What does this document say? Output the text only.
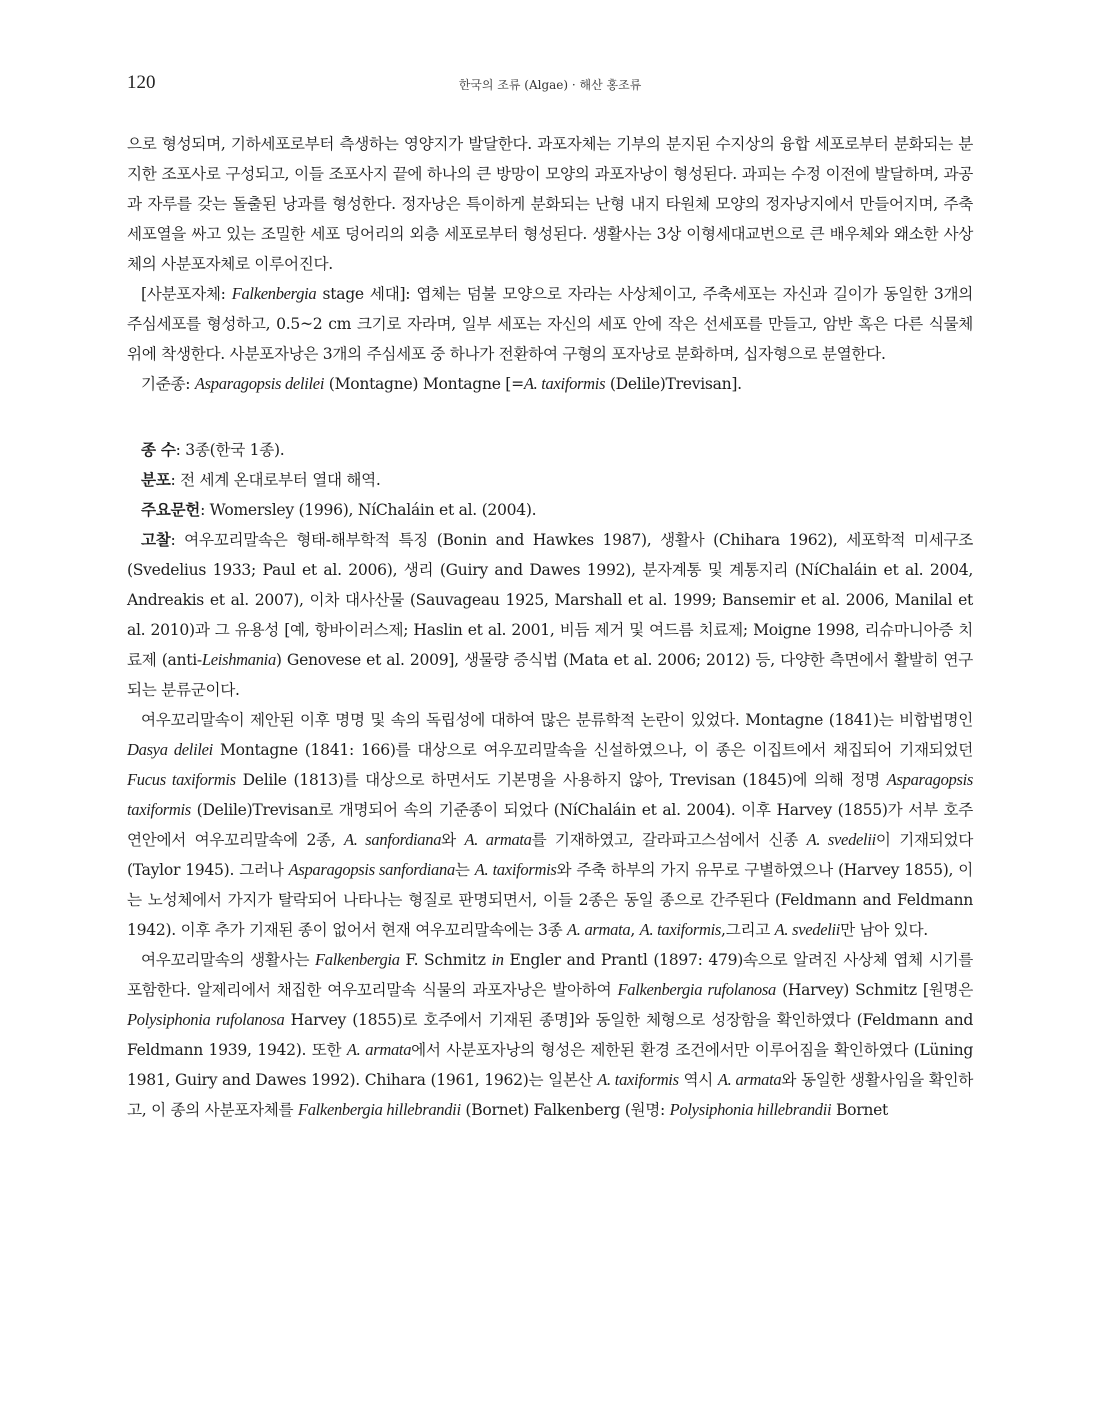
120	한국의 조류 (Algae) · 해산 홍조류

으로 형성되며, 기하세포로부터 측생하는 영양지가 발달한다. 과포자체는 기부의 분지된 수지상의 융합 세포로부터 분화되는 분지한 조포사로 구성되고, 이들 조포사지 끝에 하나의 큰 방망이 모양의 과포자낭이 형성된다. 과피는 수정 이전에 발달하며, 과공과 자루를 갖는 돌출된 낭과를 형성한다. 정자낭은 특이하게 분화되는 난형 내지 타원체 모양의 정자낭지에서 만들어지며, 주축세포열을 싸고 있는 조밀한 세포 덩어리의 외층 세포로부터 형성된다. 생활사는 3상 이형세대교번으로 큰 배우체와 왜소한 사상체의 사분포자체로 이루어진다.

[사분포자체: Falkenbergia stage 세대]: 엽체는 덤불 모양으로 자라는 사상체이고, 주축세포는 자신과 길이가 동일한 3개의 주심세포를 형성하고, 0.5~2 cm 크기로 자라며, 일부 세포는 자신의 세포 안에 작은 선세포를 만들고, 암반 혹은 다른 식물체 위에 착생한다. 사분포자낭은 3개의 주심세포 중 하나가 전환하여 구형의 포자낭로 분화하며, 십자형으로 분열한다.

기준종: Asparagopsis delilei (Montagne) Montagne [=A. taxiformis (Delile)Trevisan].

종 수: 3종(한국 1종).

분포: 전 세계 온대로부터 열대 해역.

주요문헌: Womersley (1996), NíChaláin et al. (2004).

고찰: 여우꼬리말속은 형태-해부학적 특징 (Bonin and Hawkes 1987), 생활사 (Chihara 1962), 세포학적 미세구조 (Svedelius 1933; Paul et al. 2006), 생리 (Guiry and Dawes 1992), 분자계통 및 계통지리 (NíChaláin et al. 2004, Andreakis et al. 2007), 이차 대사산물 (Sauvageau 1925, Marshall et al. 1999; Bansemir et al. 2006, Manilal et al. 2010)과 그 유용성 [예, 항바이러스제; Haslin et al. 2001, 비듬 제거 및 여드름 치료제; Moigne 1998, 리슈마니아증 치료제 (anti-Leishmania) Genovese et al. 2009], 생물량 증식법 (Mata et al. 2006; 2012) 등, 다양한 측면에서 활발히 연구되는 분류군이다.

여우꼬리말속이 제안된 이후 명명 및 속의 독립성에 대하여 많은 분류학적 논란이 있었다. Montagne (1841)는 비합법명인 Dasya delilei Montagne (1841: 166)를 대상으로 여우꼬리말속을 신설하였으나, 이 종은 이집트에서 채집되어 기재되었던 Fucus taxiformis Delile (1813)를 대상으로 하면서도 기본명을 사용하지 않아, Trevisan (1845)에 의해 정명 Asparagopsis taxiformis (Delile)Trevisan로 개명되어 속의 기준종이 되었다 (NíChaláin et al. 2004). 이후 Harvey (1855)가 서부 호주 연안에서 여우꼬리말속에 2종, A. sanfordiana와 A. armata를 기재하였고, 갈라파고스섬에서 신종 A. svedelii이 기재되었다 (Taylor 1945). 그러나 Asparagopsis sanfordiana는 A. taxiformis와 주축 하부의 가지 유무로 구별하였으나 (Harvey 1855), 이는 노성체에서 가지가 탈락되어 나타나는 형질로 판명되면서, 이들 2종은 동일 종으로 간주된다 (Feldmann and Feldmann 1942). 이후 추가 기재된 종이 없어서 현재 여우꼬리말속에는 3종 A. armata, A. taxiformis,그리고 A. svedelii만 남아 있다.

여우꼬리말속의 생활사는 Falkenbergia F. Schmitz in Engler and Prantl (1897: 479)속으로 알려진 사상체 엽체 시기를 포함한다. 알제리에서 채집한 여우꼬리말속 식물의 과포자낭은 발아하여 Falkenbergia rufolanosa (Harvey) Schmitz [원명은 Polysiphonia rufolanosa Harvey (1855)로 호주에서 기재된 종명]와 동일한 체형으로 성장함을 확인하였다 (Feldmann and Feldmann 1939, 1942). 또한 A. armata에서 사분포자낭의 형성은 제한된 환경 조건에서만 이루어짐을 확인하였다 (Lüning 1981, Guiry and Dawes 1992). Chihara (1961, 1962)는 일본산 A. taxiformis 역시 A. armata와 동일한 생활사임을 확인하고, 이 종의 사분포자체를 Falkenbergia hillebrandii (Bornet) Falkenberg (원명: Polysiphonia hillebrandii Bornet
